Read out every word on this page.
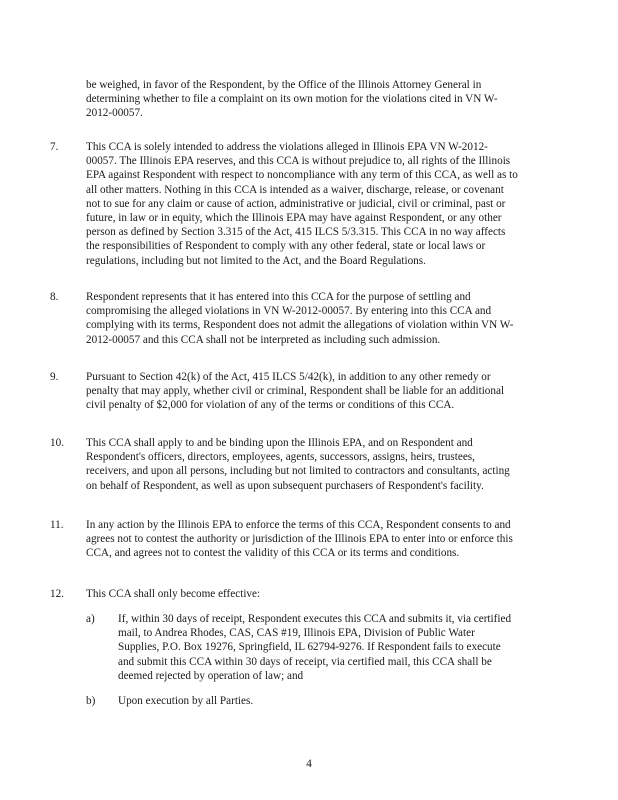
be weighed, in favor of the Respondent, by the Office of the Illinois Attorney General in determining whether to file a complaint on its own motion for the violations cited in VN W-2012-00057.
7. This CCA is solely intended to address the violations alleged in Illinois EPA VN W-2012-00057. The Illinois EPA reserves, and this CCA is without prejudice to, all rights of the Illinois EPA against Respondent with respect to noncompliance with any term of this CCA, as well as to all other matters. Nothing in this CCA is intended as a waiver, discharge, release, or covenant not to sue for any claim or cause of action, administrative or judicial, civil or criminal, past or future, in law or in equity, which the Illinois EPA may have against Respondent, or any other person as defined by Section 3.315 of the Act, 415 ILCS 5/3.315. This CCA in no way affects the responsibilities of Respondent to comply with any other federal, state or local laws or regulations, including but not limited to the Act, and the Board Regulations.
8. Respondent represents that it has entered into this CCA for the purpose of settling and compromising the alleged violations in VN W-2012-00057. By entering into this CCA and complying with its terms, Respondent does not admit the allegations of violation within VN W-2012-00057 and this CCA shall not be interpreted as including such admission.
9. Pursuant to Section 42(k) of the Act, 415 ILCS 5/42(k), in addition to any other remedy or penalty that may apply, whether civil or criminal, Respondent shall be liable for an additional civil penalty of $2,000 for violation of any of the terms or conditions of this CCA.
10. This CCA shall apply to and be binding upon the Illinois EPA, and on Respondent and Respondent's officers, directors, employees, agents, successors, assigns, heirs, trustees, receivers, and upon all persons, including but not limited to contractors and consultants, acting on behalf of Respondent, as well as upon subsequent purchasers of Respondent's facility.
11. In any action by the Illinois EPA to enforce the terms of this CCA, Respondent consents to and agrees not to contest the authority or jurisdiction of the Illinois EPA to enter into or enforce this CCA, and agrees not to contest the validity of this CCA or its terms and conditions.
12. This CCA shall only become effective:
a) If, within 30 days of receipt, Respondent executes this CCA and submits it, via certified mail, to Andrea Rhodes, CAS, CAS #19, Illinois EPA, Division of Public Water Supplies, P.O. Box 19276, Springfield, IL 62794-9276. If Respondent fails to execute and submit this CCA within 30 days of receipt, via certified mail, this CCA shall be deemed rejected by operation of law; and
b) Upon execution by all Parties.
4
